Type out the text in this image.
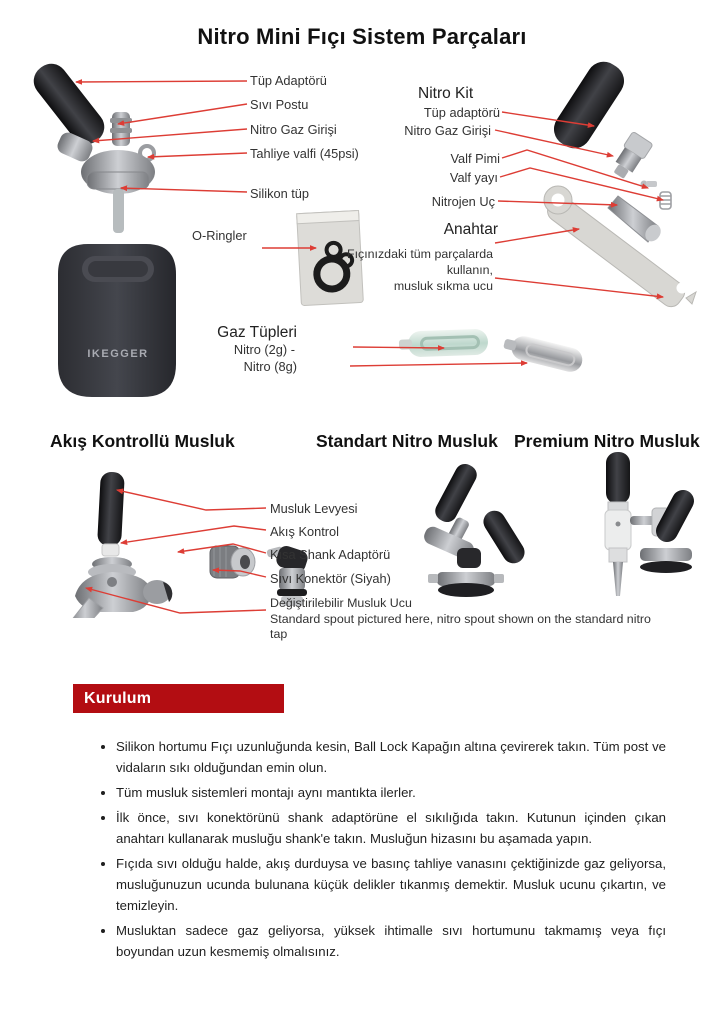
Nitro Mini Fıçı Sistem Parçaları
IKEGGER
Tüp Adaptörü
Sıvı Postu
Nitro Gaz Girişi
Tahliye valfi (45psi)
Silikon tüp
O-Ringler
Nitro Kit
Tüp adaptörü
Nitro Gaz Girişi
Valf Pimi
Valf yayı
Nitrojen Uç
Anahtar
Fıçınızdaki tüm parçalarda
kullanın,
musluk sıkma ucu
Gaz Tüpleri
Nitro (2g) -
Nitro (8g)
Akış Kontrollü Musluk	Standart Nitro Musluk Premium Nitro Musluk
Musluk Levyesi
Akış Kontrol
Kısa Shank Adaptörü
Sıvı Konektör (Siyah)
Değiştirilebilir Musluk Ucu
Standard spout pictured here, nitro spout shown on the standard nitro tap
Kurulum
• Silikon hortumu Fıçı uzunluğunda kesin, Ball Lock Kapağın altına çevirerek takın. Tüm post ve vidaların sıkı olduğundan emin olun.
• Tüm musluk sistemleri montajı aynı mantıkta ilerler.
• İlk önce, sıvı konektörünü shank adaptörüne el sıkılığıda takın. Kutunun içinden çıkan anahtarı kullanarak musluğu shank'e takın. Musluğun hizasını bu aşamada yapın.
• Fıçıda sıvı olduğu halde, akış durduysa ve basınç tahliye vanasını çektiğinizde gaz geliyorsa, musluğunuzun ucunda bulunana küçük delikler tıkanmış demektir. Musluk ucunu çıkartın, ve temizleyin.
• Musluktan sadece gaz geliyorsa, yüksek ihtimalle sıvı hortumunu takmamış veya fıçı boyundan uzun kesmemiş olmalısınız.
